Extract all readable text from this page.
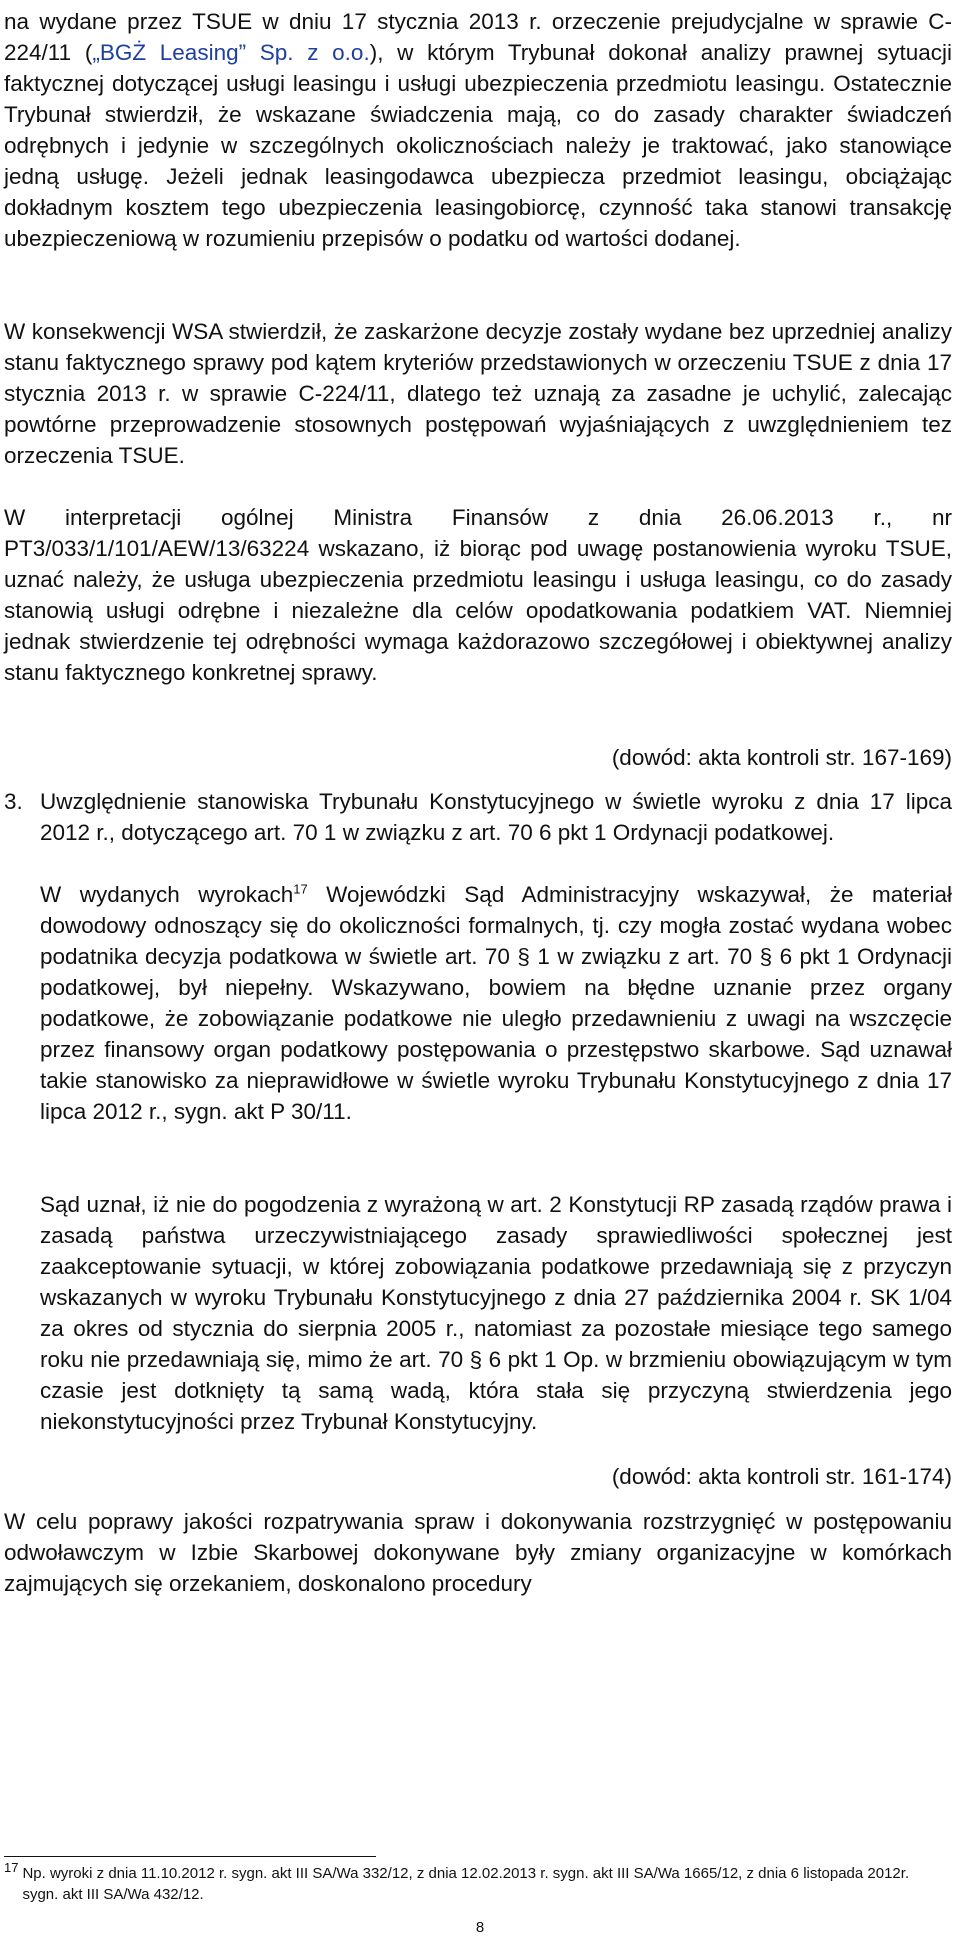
na wydane przez TSUE w dniu 17 stycznia 2013 r. orzeczenie prejudycjalne w sprawie C-224/11 („BGŻ Leasing” Sp. z o.o.), w którym Trybunał dokonał analizy prawnej sytuacji faktycznej dotyczącej usługi leasingu i usługi ubezpieczenia przedmiotu leasingu. Ostatecznie Trybunał stwierdził, że wskazane świadczenia mają, co do zasady charakter świadczeń odrębnych i jedynie w szczególnych okolicznościach należy je traktować, jako stanowiące jedną usługę. Jeżeli jednak leasingodawca ubezpiecza przedmiot leasingu, obciążając dokładnym kosztem tego ubezpieczenia leasingobiorcę, czynność taka stanowi transakcję ubezpieczeniową w rozumieniu przepisów o podatku od wartości dodanej.

W konsekwencji WSA stwierdził, że zaskarżone decyzje zostały wydane bez uprzedniej analizy stanu faktycznego sprawy pod kątem kryteriów przedstawionych w orzeczeniu TSUE z dnia 17 stycznia 2013 r. w sprawie C-224/11, dlatego też uznają za zasadne je uchylić, zalecając powtórne przeprowadzenie stosownych postępowań wyjaśniających z uwzględnieniem tez orzeczenia TSUE.

W interpretacji ogólnej Ministra Finansów z dnia 26.06.2013 r., nr PT3/033/1/101/AEW/13/63224 wskazano, iż biorąc pod uwagę postanowienia wyroku TSUE, uznać należy, że usługa ubezpieczenia przedmiotu leasingu i usługa leasingu, co do zasady stanowią usługi odrębne i niezależne dla celów opodatkowania podatkiem VAT. Niemniej jednak stwierdzenie tej odrębności wymaga każdorazowo szczegółowej i obiektywnej analizy stanu faktycznego konkretnej sprawy.

(dowód: akta kontroli str. 167-169)

3. Uwzględnienie stanowiska Trybunału Konstytucyjnego w świetle wyroku z dnia 17 lipca 2012 r., dotyczącego art. 70 1 w związku z art. 70 6 pkt 1 Ordynacji podatkowej.

W wydanych wyrokach$^{17}$ Wojewódzki Sąd Administracyjny wskazywał, że materiał dowodowy odnoszący się do okoliczności formalnych, tj. czy mogła zostać wydana wobec podatnika decyzja podatkowa w świetle art. 70 § 1 w związku z art. 70 § 6 pkt 1 Ordynacji podatkowej, był niepełny. Wskazywano, bowiem na błędne uznanie przez organy podatkowe, że zobowiązanie podatkowe nie uległo przedawnieniu z uwagi na wszczęcie przez finansowy organ podatkowy postępowania o przestępstwo skarbowe. Sąd uznawał takie stanowisko za nieprawidłowe w świetle wyroku Trybunału Konstytucyjnego z dnia 17 lipca 2012 r., sygn. akt P 30/11.

Sąd uznał, iż nie do pogodzenia z wyrażoną w art. 2 Konstytucji RP zasadą rządów prawa i zasadą państwa urzeczywistniającego zasady sprawiedliwości społecznej jest zaakceptowanie sytuacji, w której zobowiązania podatkowe przedawniają się z przyczyn wskazanych w wyroku Trybunału Konstytucyjnego z dnia 27 października 2004 r. SK 1/04 za okres od stycznia do sierpnia 2005 r., natomiast za pozostałe miesiące tego samego roku nie przedawniają się, mimo że art. 70 § 6 pkt 1 Op. w brzmieniu obowiązującym w tym czasie jest dotknięty tą samą wadą, która stała się przyczyną stwierdzenia jego niekonstytucyjności przez Trybunał Konstytucyjny.

(dowód: akta kontroli str. 161-174)

W celu poprawy jakości rozpatrywania spraw i dokonywania rozstrzygnięć w postępowaniu odwoławczym w Izbie Skarbowej dokonywane były zmiany organizacyjne w komórkach zajmujących się orzekaniem, doskonalono procedury

17 Np. wyroki z dnia 11.10.2012 r. sygn. akt III SA/Wa 332/12, z dnia 12.02.2013 r. sygn. akt III SA/Wa 1665/12, z dnia 6 listopada 2012r. sygn. akt III SA/Wa 432/12.

8
